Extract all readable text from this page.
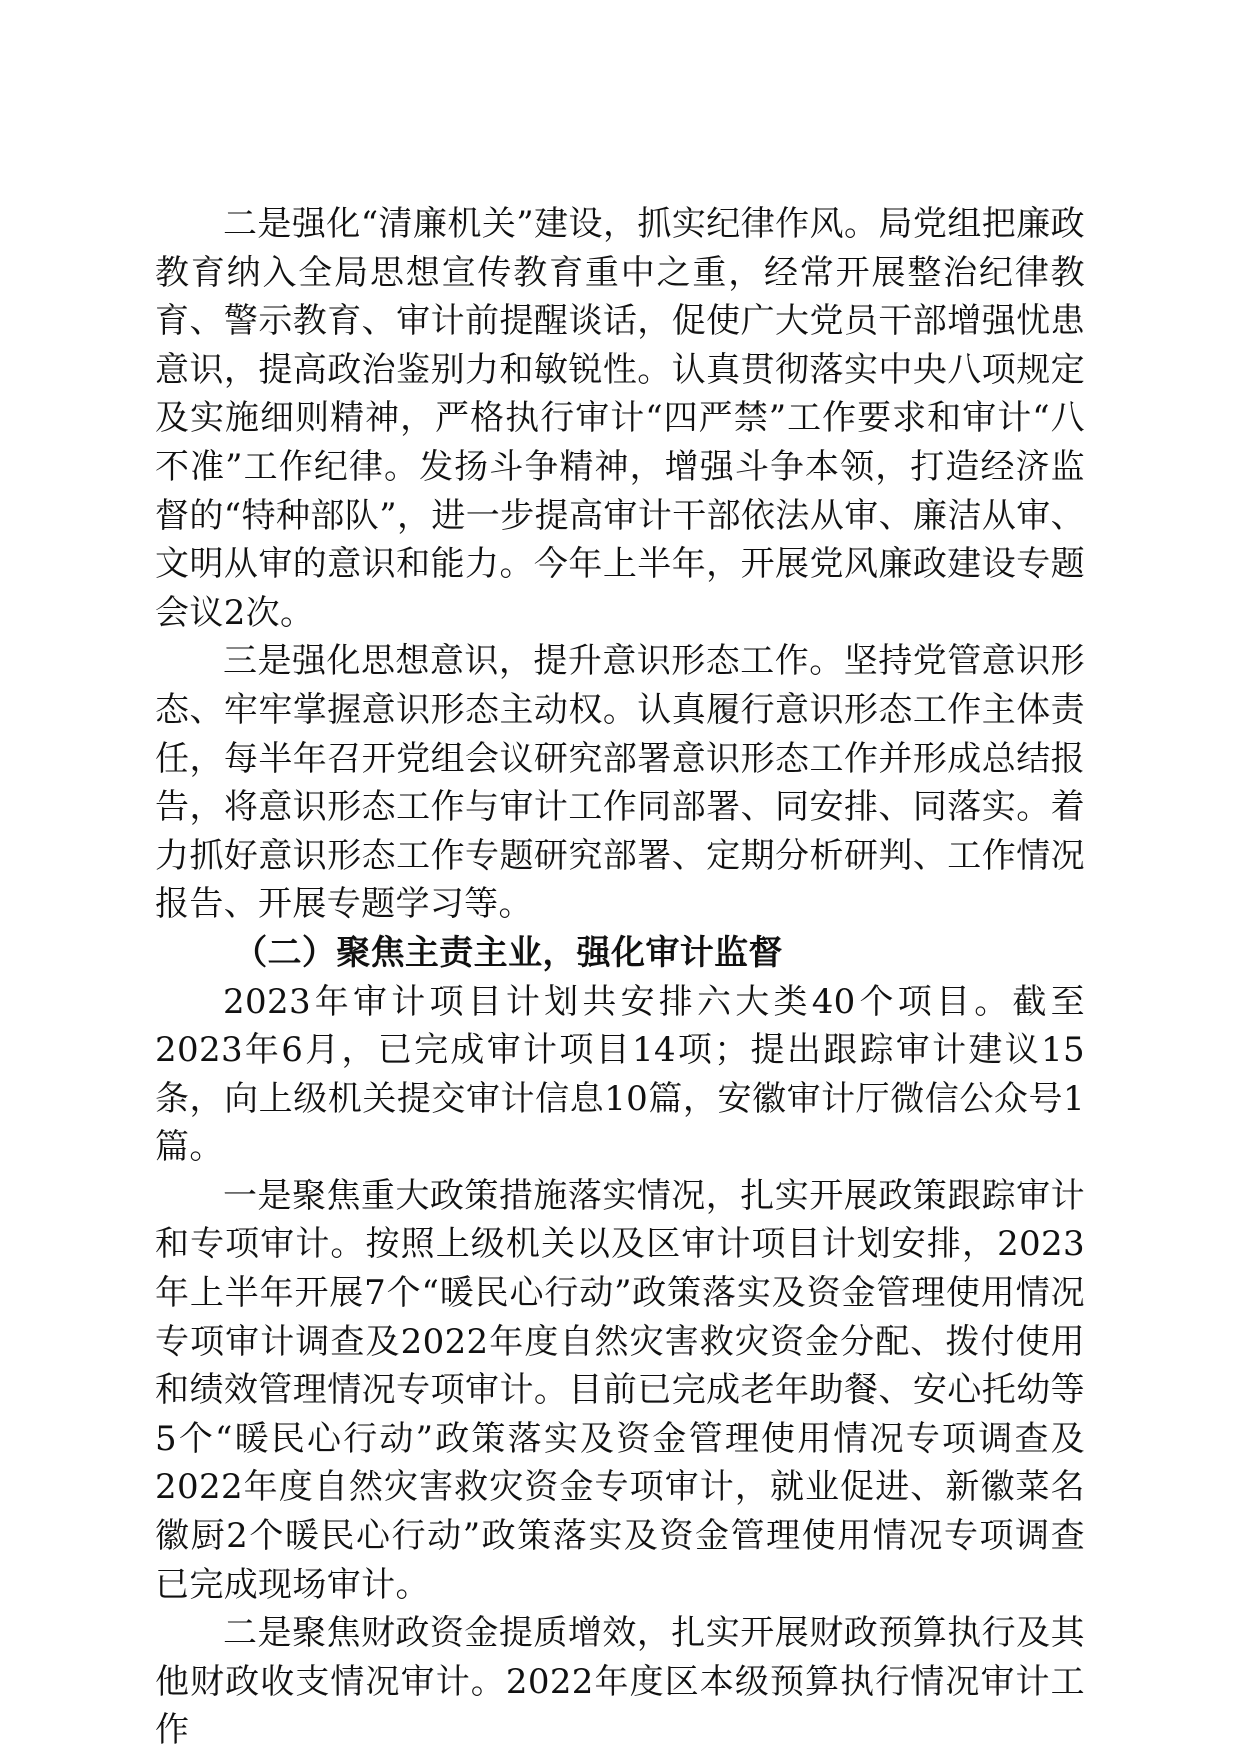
二是强化“清廉机关”建设，抓实纪律作风。局党组把廉政教育纳入全局思想宣传教育重中之重，经常开展整治纪律教育、警示教育、审计前提醒谈话，促使广大党员干部增强忧患意识，提高政治鉴别力和敏锐性。认真贯彻落实中央八项规定及实施细则精神，严格执行审计“四严禁”工作要求和审计“八不准”工作纪律。发扬斗争精神，增强斗争本领，打造经济监督的“特种部队”，进一步提高审计干部依法从审、廉洁从审、文明从审的意识和能力。今年上半年，开展党风廉政建设专题会议2次。

三是强化思想意识，提升意识形态工作。坚持党管意识形态、牢牢掌握意识形态主动权。认真履行意识形态工作主体责任，每半年召开党组会议研究部署意识形态工作并形成总结报告，将意识形态工作与审计工作同部署、同安排、同落实。着力抓好意识形态工作专题研究部署、定期分析研判、工作情况报告、开展专题学习等。

（二）聚焦主责主业，强化审计监督

2023年审计项目计划共安排六大类40个项目。截至2023年6月，已完成审计项目14项；提出跟踪审计建议15条，向上级机关提交审计信息10篇，安徽审计厅微信公众号1篇。

一是聚焦重大政策措施落实情况，扎实开展政策跟踪审计和专项审计。按照上级机关以及区审计项目计划安排，2023年上半年开展7个“暖民心行动”政策落实及资金管理使用情况专项审计调查及2022年度自然灾害救灾资金分配、拨付使用和绩效管理情况专项审计。目前已完成老年助餐、安心托幼等5个“暖民心行动”政策落实及资金管理使用情况专项调查及2022年度自然灾害救灾资金专项审计，就业促进、新徽菜名徽厨2个暖民心行动”政策落实及资金管理使用情况专项调查已完成现场审计。

二是聚焦财政资金提质增效，扎实开展财政预算执行及其他财政收支情况审计。2022年度区本级预算执行情况审计工作
